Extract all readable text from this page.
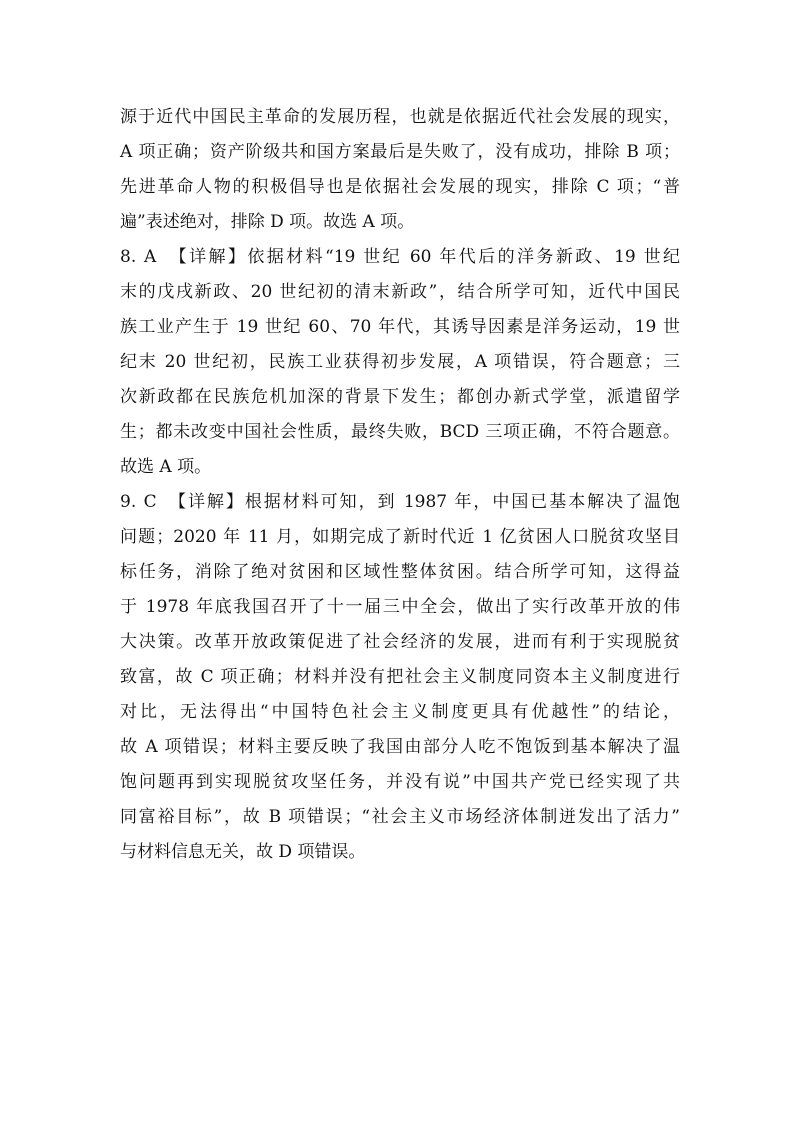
源于近代中国民主革命的发展历程，也就是依据近代社会发展的现实，
A 项正确；资产阶级共和国方案最后是失败了，没有成功，排除 B 项；
先进革命人物的积极倡导也是依据社会发展的现实，排除 C 项；“普
遍”表述绝对，排除 D 项。故选 A 项。
8. A　【详解】依据材料“19 世纪 60 年代后的洋务新政、19 世纪
末的戊戌新政、20 世纪初的清末新政”，结合所学可知，近代中国民
族工业产生于 19 世纪 60、70 年代，其诱导因素是洋务运动，19 世
纪末 20 世纪初，民族工业获得初步发展，A 项错误，符合题意；三
次新政都在民族危机加深的背景下发生；都创办新式学堂，派遣留学
生；都未改变中国社会性质，最终失败，BCD 三项正确，不符合题意。
故选 A 项。
9. C　【详解】根据材料可知，到 1987 年，中国已基本解决了温饱
问题；2020 年 11 月，如期完成了新时代近 1 亿贫困人口脱贫攻坚目
标任务，消除了绝对贫困和区域性整体贫困。结合所学可知，这得益
于 1978 年底我国召开了十一届三中全会，做出了实行改革开放的伟
大决策。改革开放政策促进了社会经济的发展，进而有利于实现脱贫
致富，故 C 项正确；材料并没有把社会主义制度同资本主义制度进行
对比，无法得出“中国特色社会主义制度更具有优越性”的结论，
故 A 项错误；材料主要反映了我国由部分人吃不饱饭到基本解决了温
饱问题再到实现脱贫攻坚任务，并没有说”中国共产党已经实现了共
同富裕目标”，故 B 项错误；“社会主义市场经济体制迸发出了活力”
与材料信息无关，故 D 项错误。
